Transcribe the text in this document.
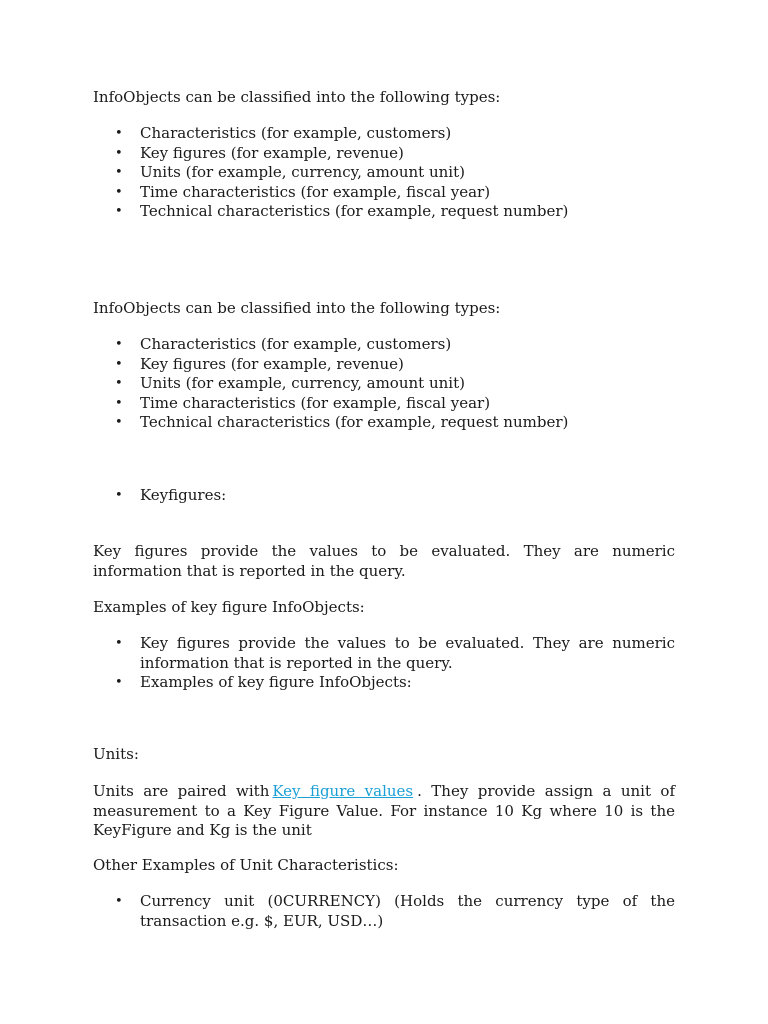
InfoObjects can be classified into the following types:

• Characteristics (for example, customers)
• Key figures (for example, revenue)
• Units (for example, currency, amount unit)
• Time characteristics (for example, fiscal year)
• Technical characteristics (for example, request number)

InfoObjects can be classified into the following types:

• Characteristics (for example, customers)
• Key figures (for example, revenue)
• Units (for example, currency, amount unit)
• Time characteristics (for example, fiscal year)
• Technical characteristics (for example, request number)
• Keyfigures:

Key figures provide the values to be evaluated. They are numeric information that is reported in the query.

Examples of key figure InfoObjects:

• Key figures provide the values to be evaluated. They are numeric information that is reported in the query.
• Examples of key figure InfoObjects:

Units:

Units are paired with Key figure values . They provide assign a unit of measurement to a Key Figure Value. For instance 10 Kg where 10 is the KeyFigure and Kg is the unit

Other Examples of Unit Characteristics:

• Currency unit (0CURRENCY) (Holds the currency type of the transaction e.g. $, EUR, USD…)
